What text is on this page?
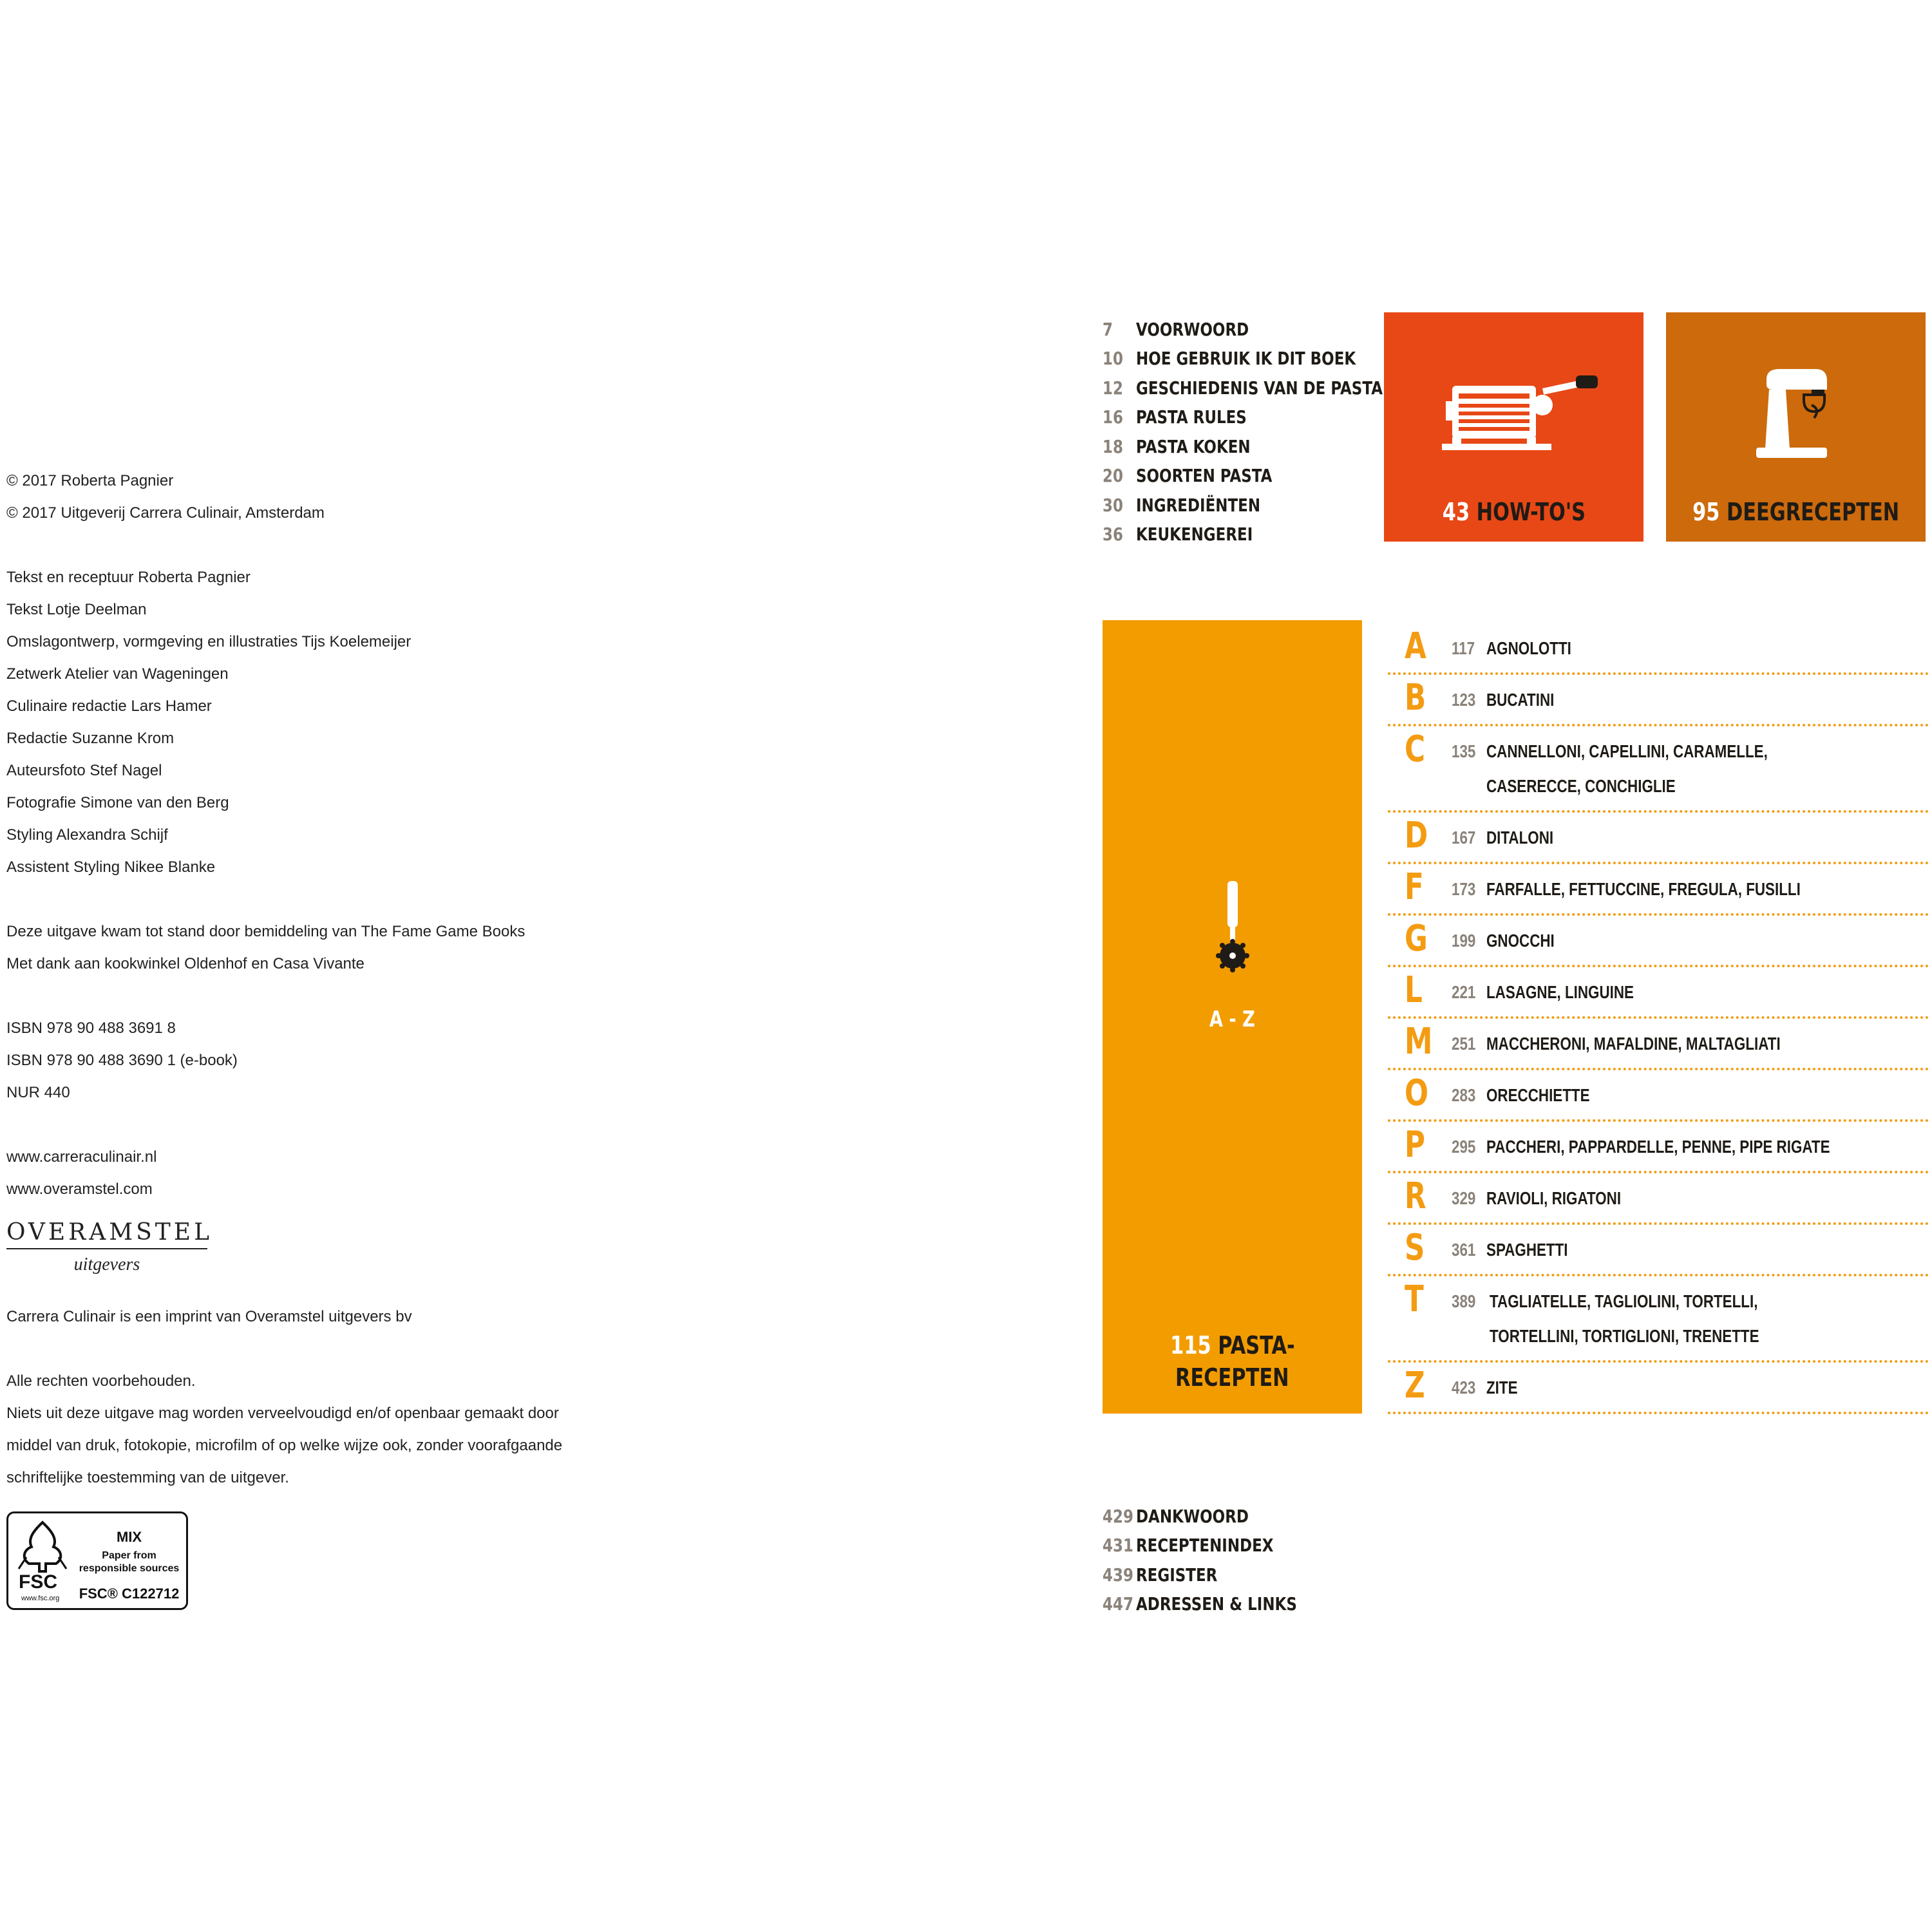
© 2017 Roberta Pagnier
© 2017 Uitgeverij Carrera Culinair, Amsterdam
Tekst en receptuur Roberta Pagnier
Tekst Lotje Deelman
Omslagontwerp, vormgeving en illustraties Tijs Koelemeijer
Zetwerk Atelier van Wageningen
Culinaire redactie Lars Hamer
Redactie Suzanne Krom
Auteursfoto Stef Nagel
Fotografie Simone van den Berg
Styling Alexandra Schijf
Assistent Styling Nikee Blanke
Deze uitgave kwam tot stand door bemiddeling van The Fame Game Books
Met dank aan kookwinkel Oldenhof en Casa Vivante
ISBN 978 90 488 3691 8
ISBN 978 90 488 3690 1 (e-book)
NUR 440
www.carreraculinair.nl
www.overamstel.com
OVERAMSTEL
uitgevers
Carrera Culinair is een imprint van Overamstel uitgevers bv
Alle rechten voorbehouden.
Niets uit deze uitgave mag worden verveelvoudigd en/of openbaar gemaakt door
middel van druk, fotokopie, microfilm of op welke wijze ook, zonder voorafgaande
schriftelijke toestemming van de uitgever.
FSC
www.fsc.org
MIX
Paper from
responsible sources
FSC® C122712
7	VOORWOORD
10 HOE GEBRUIK IK DIT BOEK
12 GESCHIEDENIS VAN DE PASTA
16 PASTA RULES
18 PASTA KOKEN
20 SOORTEN PASTA
30 INGREDIËNTEN
36 KEUKENGEREI
43 HOW-TO'S	95 DEEGRECEPTEN
A - Z
115 PASTA-
RECEPTEN
A 117 AGNOLOTTI
B 123 BUCATINI
C 135 CANNELLONI, CAPELLINI, CARAMELLE,
CASERECCE, CONCHIGLIE
D 167 DITALONI
F 173 FARFALLE, FETTUCCINE, FREGULA, FUSILLI
G 199 GNOCCHI
L 221 LASAGNE, LINGUINE
M 251 MACCHERONI, MAFALDINE, MALTAGLIATI
O 283 ORECCHIETTE
P 295 PACCHERI, PAPPARDELLE, PENNE, PIPE RIGATE
R 329 RAVIOLI, RIGATONI
S 361 SPAGHETTI
T 389 TAGLIATELLE, TAGLIOLINI, TORTELLI,
TORTELLINI, TORTIGLIONI, TRENETTE
Z 423 ZITE
429 DANKWOORD
431 RECEPTENINDEX
439 REGISTER
447 ADRESSEN & LINKS
